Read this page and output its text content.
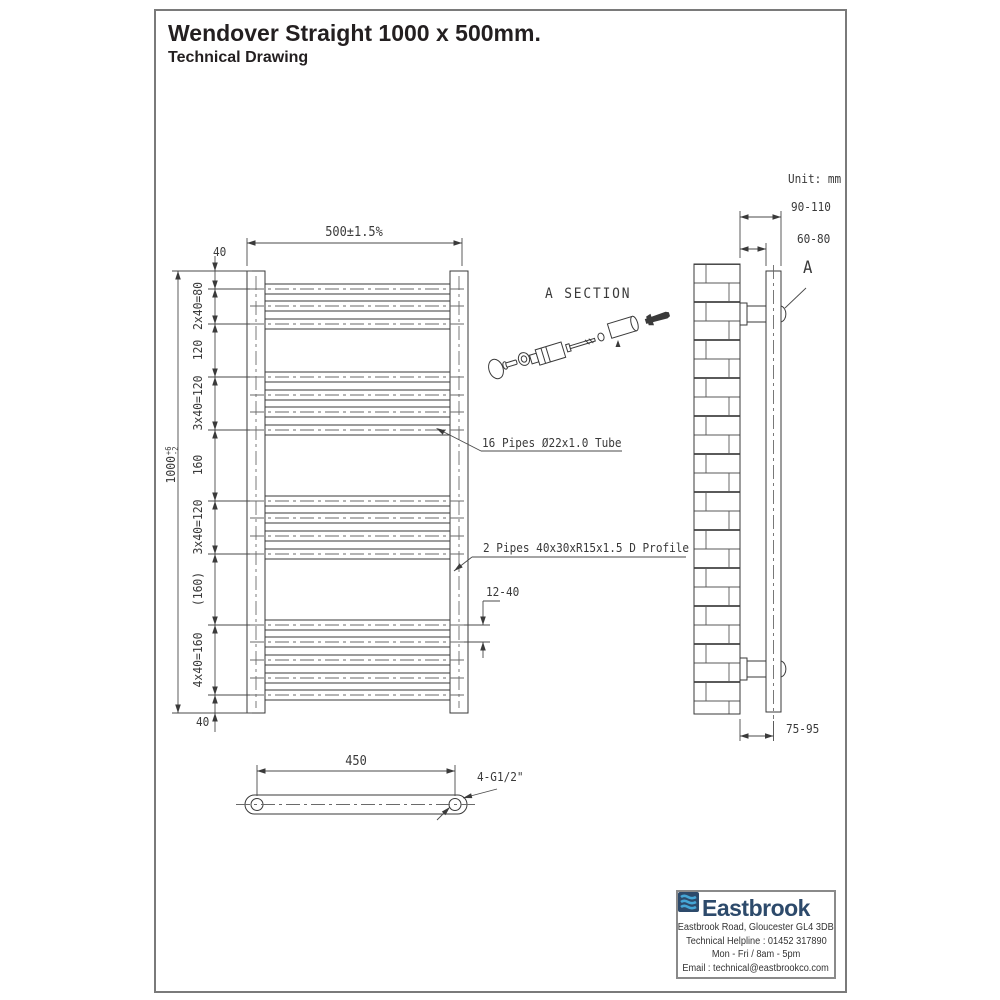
Wendover Straight 1000 x 500mm.
Technical Drawing
Unit: mm
500±1.5%
40
40
1000
+6
-2
2x40=80
120
3x40=120
160
3x40=120
(160)
4x40=160
A SECTION
16 Pipes Ø22x1.0 Tube
2 Pipes 40x30xR15x1.5 D Profile
12-40
90-110
60-80
A
75-95
450
4-G1/2"
Eastbrook
Eastbrook Road, Gloucester GL4 3DB
Technical Helpline : 01452 317890
Mon - Fri / 8am - 5pm
Email : technical@eastbrookco.com
